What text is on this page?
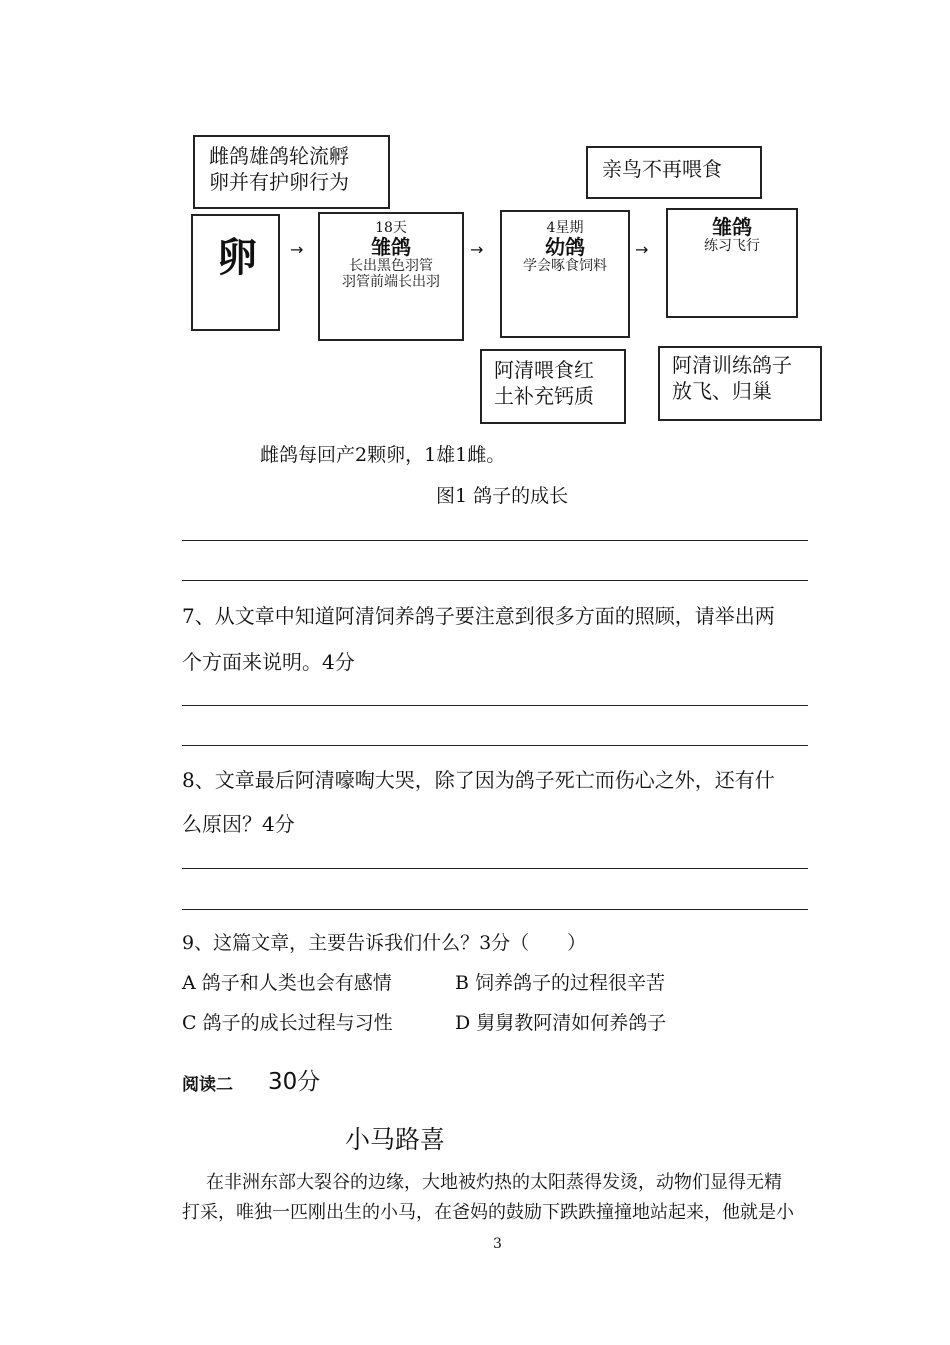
雌鸽雄鸽轮流孵
卵并有护卵行为
亲鸟不再喂食
卵 →
18天
雏鸽
长出黑色羽管
羽管前端长出羽
→
4星期
幼鸽
学会啄食饲料
→
雏鸽
练习飞行
阿清喂食红
土补充钙质
阿清训练鸽子
放飞、归巢
雌鸽每回产2颗卵，1雄1雌。
图1 鸽子的成长
7、从文章中知道阿清饲养鸽子要注意到很多方面的照顾，请举出两
个方面来说明。4分
8、文章最后阿清嚎啕大哭，除了因为鸽子死亡而伤心之外，还有什
么原因？4分
9、这篇文章，主要告诉我们什么？3分（　　）
A 鸽子和人类也会有感情	B 饲养鸽子的过程很辛苦
C 鸽子的成长过程与习性	D 舅舅教阿清如何养鸽子
阅读二 30分
小马路喜
在非洲东部大裂谷的边缘，大地被灼热的太阳蒸得发烫，动物们显得无精
打采，唯独一匹刚出生的小马，在爸妈的鼓励下跌跌撞撞地站起来，他就是小
3
